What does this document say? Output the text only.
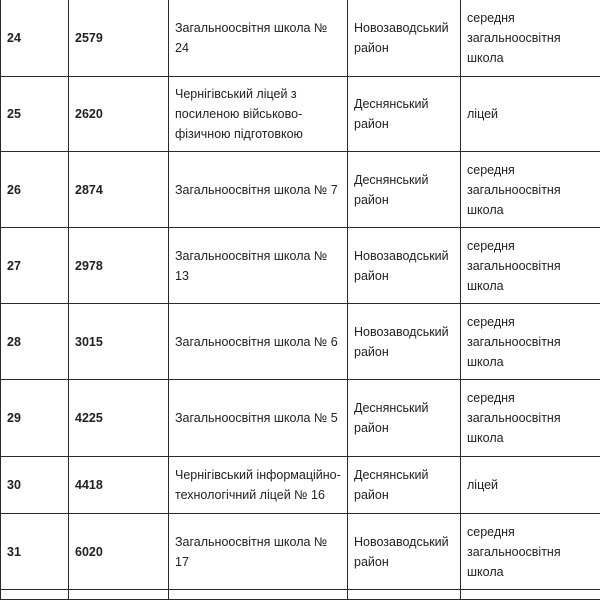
24	2579	Загальноосвітня школа № 24	Новозаводський район	середня загальноосвітня школа
25	2620	Чернігівський ліцей з посиленою військово-фізичною підготовкою	Деснянський район	ліцей
26	2874	Загальноосвітня школа № 7	Деснянський район	середня загальноосвітня школа
27	2978	Загальноосвітня школа № 13	Новозаводський район	середня загальноосвітня школа
28	3015	Загальноосвітня школа № 6	Новозаводський район	середня загальноосвітня школа
29	4225	Загальноосвітня школа № 5	Деснянський район	середня загальноосвітня школа
30	4418	Чернігівський інформаційно-технологічний ліцей № 16	Деснянський район	ліцей
31	6020	Загальноосвітня школа № 17	Новозаводський район	середня загальноосвітня школа
